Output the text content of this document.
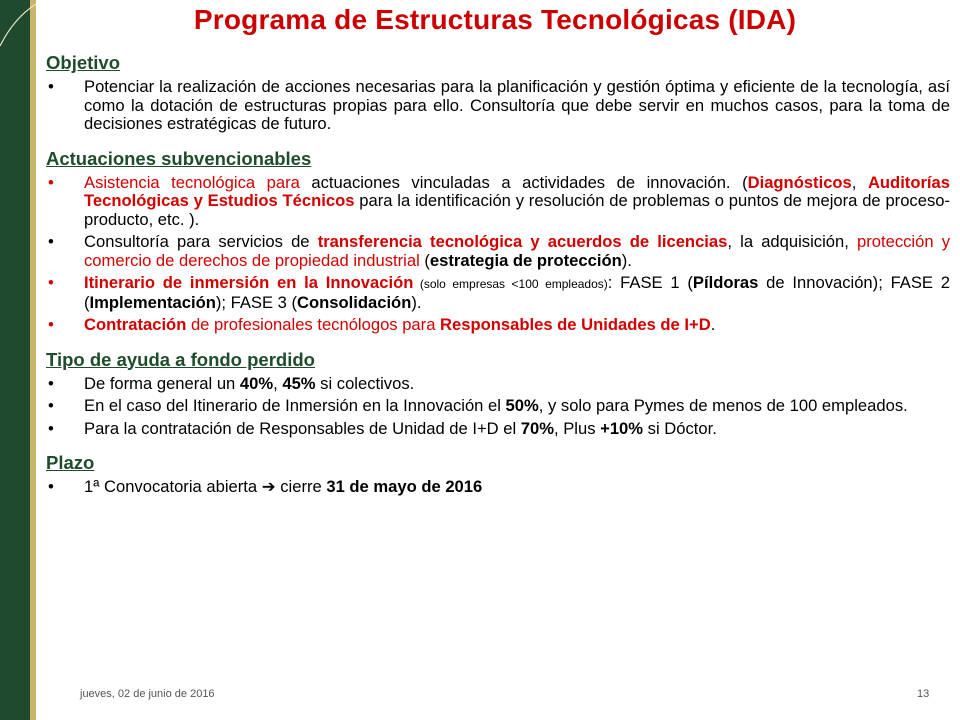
Programa de Estructuras Tecnológicas (IDA)
Objetivo
• Potenciar la realización de acciones necesarias para la planificación y gestión óptima y eficiente de la tecnología, así como la dotación de estructuras propias para ello. Consultoría que debe servir en muchos casos, para la toma de decisiones estratégicas de futuro.
Actuaciones subvencionables
• Asistencia tecnológica para actuaciones vinculadas a actividades de innovación. (Diagnósticos, Auditorías Tecnológicas y Estudios Técnicos para la identificación y resolución de problemas o puntos de mejora de proceso-producto, etc. ).
• Consultoría para servicios de transferencia tecnológica y acuerdos de licencias, la adquisición, protección y comercio de derechos de propiedad industrial (estrategia de protección).
• Itinerario de inmersión en la Innovación (solo empresas <100 empleados): FASE 1 (Píldoras de Innovación); FASE 2 (Implementación); FASE 3 (Consolidación).
• Contratación de profesionales tecnólogos para Responsables de Unidades de I+D.
Tipo de ayuda a fondo perdido
• De forma general un 40%, 45% si colectivos.
• En el caso del Itinerario de Inmersión en la Innovación el 50%, y solo para Pymes de menos de 100 empleados.
• Para la contratación de Responsables de Unidad de I+D el 70%, Plus +10% si Dóctor.
Plazo
• 1ª Convocatoria abierta ➔ cierre 31 de mayo de 2016
jueves, 02 de junio de 2016	13
